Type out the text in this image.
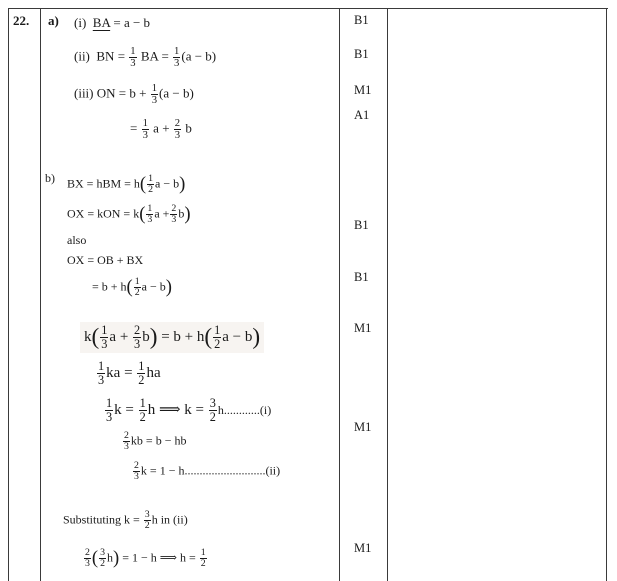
22. a) (i) BA = a − b
(ii) BN = $\frac{1}{3}$ BA = $\frac{1}{3} (a - b)$
(iii) ON = $b + \frac{1}{3} (a - b)$
= $\frac{1}{3}$ $a + \frac{2}{3}$ b
b) BX = hBM = $h( \frac{1}{2}$ a − b)
OX = kON = $k( \frac{1}{3}$ $a + \frac{2}{3} b$)
also
OX = OB + BX
= $b + h( \frac{1}{2}$ a − b)
$k( \frac{1}{3}$ $a + \frac{2}{3} b) = b + h( \frac{1}{2}$ a − b)
$\frac{1}{3}$ ka = $\frac{1}{2}$ ha
$\frac{1}{3}$ $k = \frac{1}{2}$ h ⟹ $k = \frac{3}{2} h............(i)$
$\frac{2}{3}$ kb = b − hb
$\frac{2}{3}$ k = 1 − h...........................(ii)
Substituting $k = \frac{3}{2}$ h in (ii)
$\frac{2}{3}$ ( $\frac{3}{2} h) = 1 - h$ ⟹ $h = \frac{1}{2}$
B1
B1
M1
A1
B1
B1
M1
M1
M1
